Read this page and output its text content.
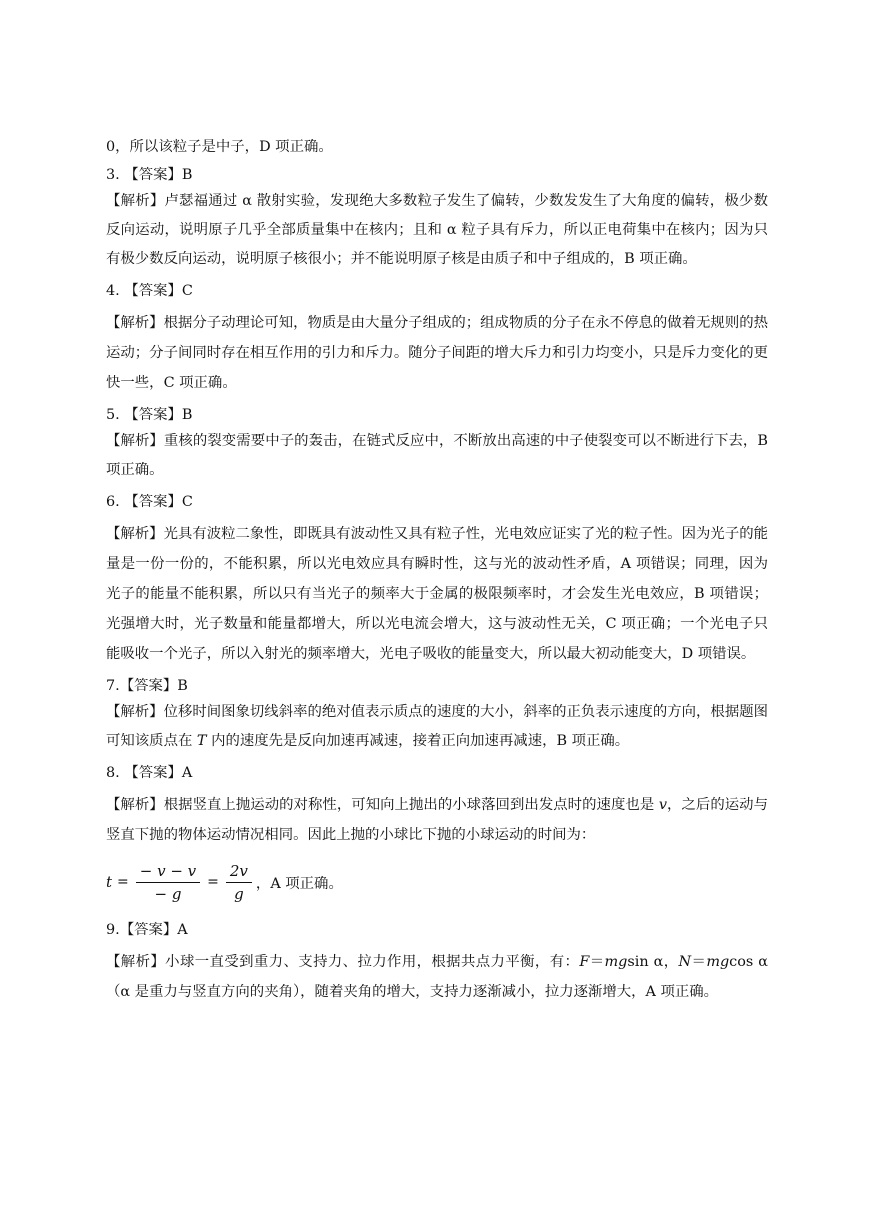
0，所以该粒子是中子，D 项正确。
3. 【答案】B
【解析】卢瑟福通过 α 散射实验，发现绝大多数粒子发生了偏转，少数发发生了大角度的偏转，极少数反向运动，说明原子几乎全部质量集中在核内；且和 α 粒子具有斥力，所以正电荷集中在核内；因为只有极少数反向运动，说明原子核很小；并不能说明原子核是由质子和中子组成的，B 项正确。
4. 【答案】C
【解析】根据分子动理论可知，物质是由大量分子组成的；组成物质的分子在永不停息的做着无规则的热运动；分子间同时存在相互作用的引力和斥力。随分子间距的增大斥力和引力均变小，只是斥力变化的更快一些，C 项正确。
5. 【答案】B
【解析】重核的裂变需要中子的轰击，在链式反应中，不断放出高速的中子使裂变可以不断进行下去，B 项正确。
6. 【答案】C
【解析】光具有波粒二象性，即既具有波动性又具有粒子性，光电效应证实了光的粒子性。因为光子的能量是一份一份的，不能积累，所以光电效应具有瞬时性，这与光的波动性矛盾，A 项错误；同理，因为光子的能量不能积累，所以只有当光子的频率大于金属的极限频率时，才会发生光电效应，B 项错误；光强增大时，光子数量和能量都增大，所以光电流会增大，这与波动性无关，C 项正确；一个光电子只能吸收一个光子，所以入射光的频率增大，光电子吸收的能量变大，所以最大初动能变大，D 项错误。
7.【答案】B
【解析】位移时间图象切线斜率的绝对值表示质点的速度的大小，斜率的正负表示速度的方向，根据题图可知该质点在 T 内的速度先是反向加速再减速，接着正向加速再减速，B 项正确。
8. 【答案】A
【解析】根据竖直上抛运动的对称性，可知向上抛出的小球落回到出发点时的速度也是 v，之后的运动与竖直下抛的物体运动情况相同。因此上抛的小球比下抛的小球运动的时间为：
$t = \frac{- v - v}{- g} = \frac{2v}{g}$ ，A 项正确。
9.【答案】A
【解析】小球一直受到重力、支持力、拉力作用，根据共点力平衡，有：F＝mgsin α，N＝mgcos α（α 是重力与竖直方向的夹角），随着夹角的增大，支持力逐渐减小，拉力逐渐增大，A 项正确。
